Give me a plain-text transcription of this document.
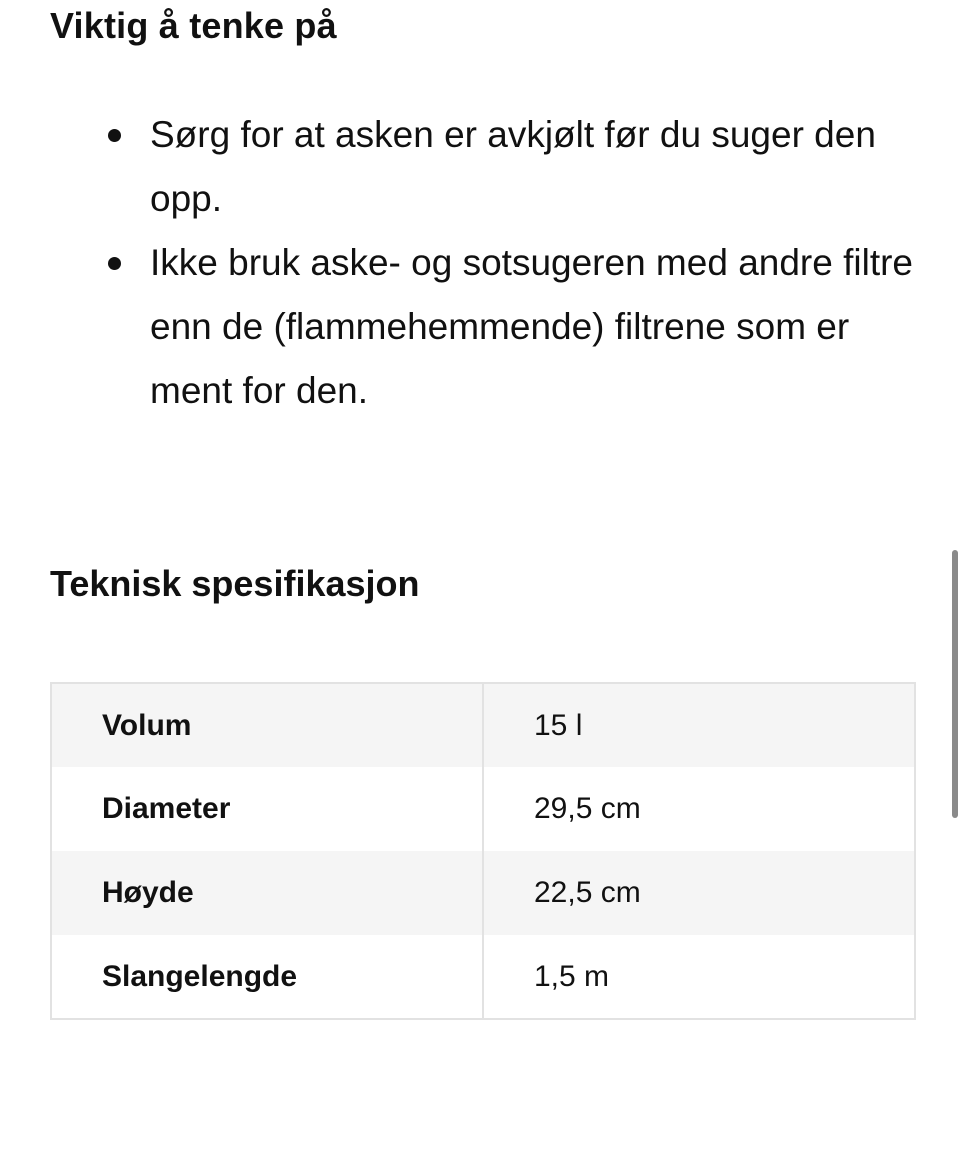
Viktig å tenke på
Sørg for at asken er avkjølt før du suger den opp.
Ikke bruk aske- og sotsugeren med andre filtre enn de (flammehemmende) filtrene som er ment for den.
Teknisk spesifikasjon
Volum	15 l
Diameter	29,5 cm
Høyde	22,5 cm
Slangelengde	1,5 m
